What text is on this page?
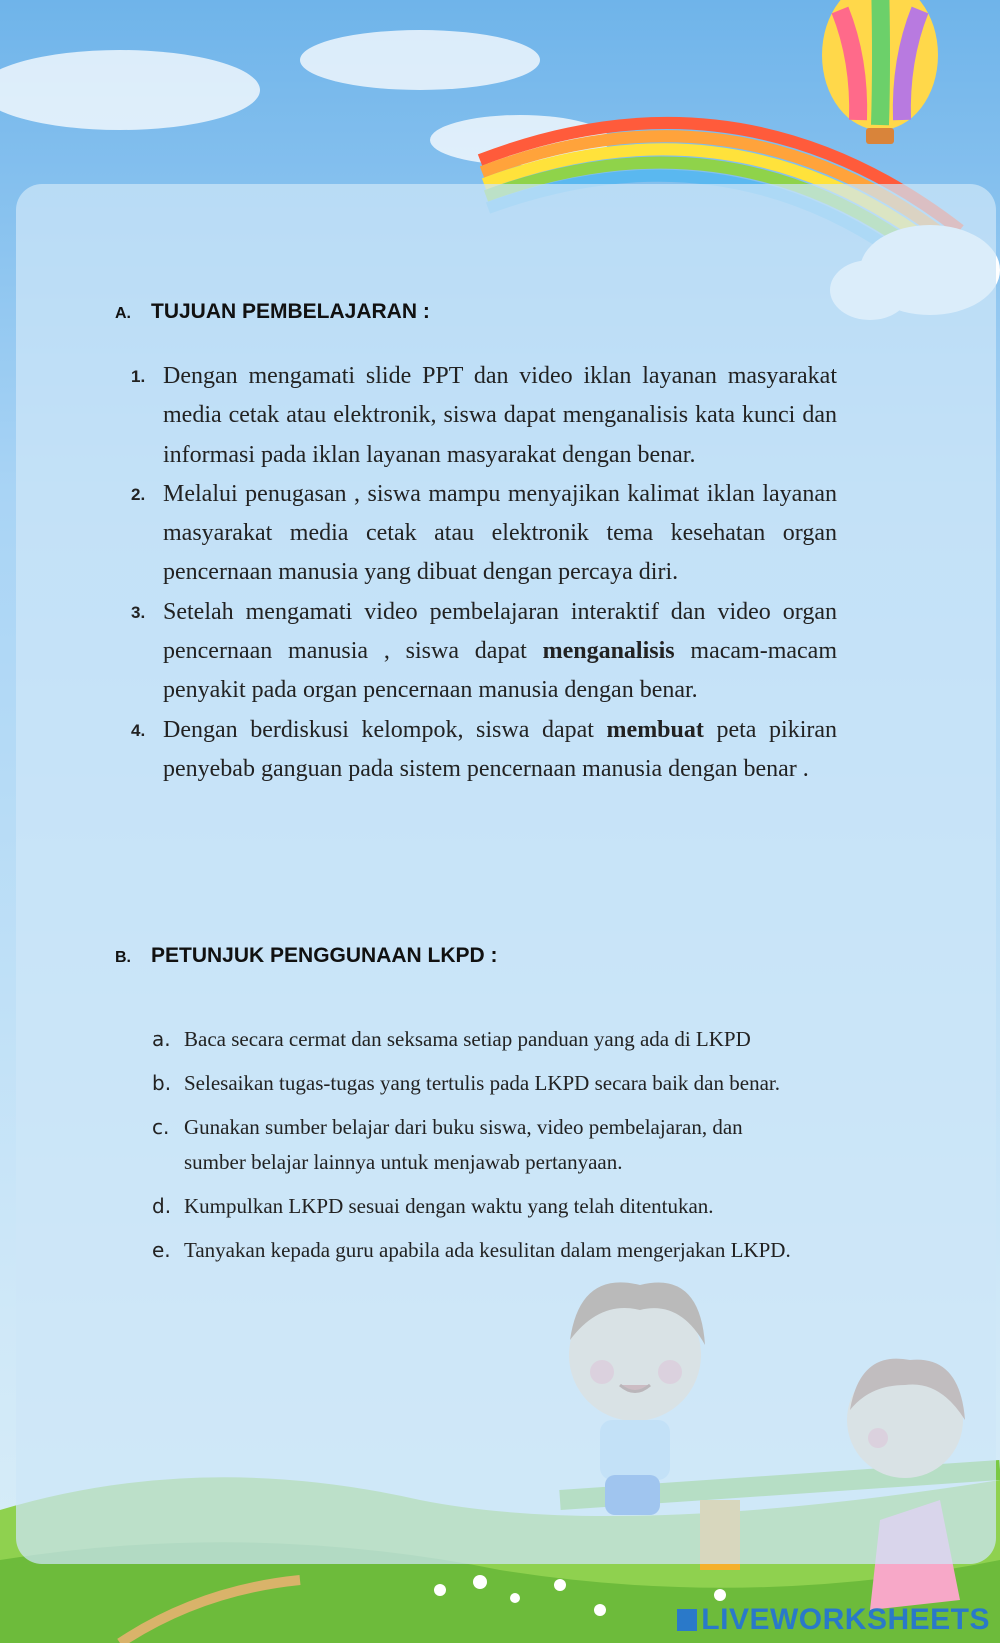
A. TUJUAN PEMBELAJARAN :
1. Dengan mengamati slide PPT dan video iklan layanan masyarakat media cetak atau elektronik, siswa dapat menganalisis kata kunci dan informasi pada iklan layanan masyarakat dengan benar.
2. Melalui penugasan , siswa mampu menyajikan kalimat iklan layanan masyarakat media cetak atau elektronik tema kesehatan organ pencernaan manusia yang dibuat dengan percaya diri.
3. Setelah mengamati video pembelajaran interaktif dan video organ pencernaan manusia , siswa dapat menganalisis macam-macam penyakit pada organ pencernaan manusia dengan benar.
4. Dengan berdiskusi kelompok, siswa dapat membuat peta pikiran penyebab ganguan pada sistem pencernaan manusia dengan benar .
B. PETUNJUK PENGGUNAAN LKPD :
a. Baca secara cermat dan seksama setiap panduan yang ada di LKPD
b. Selesaikan tugas-tugas yang tertulis pada LKPD secara baik dan benar.
c. Gunakan sumber belajar dari buku siswa, video pembelajaran, dan sumber belajar lainnya untuk menjawab pertanyaan.
d. Kumpulkan LKPD sesuai dengan waktu yang telah ditentukan.
e. Tanyakan kepada guru apabila ada kesulitan dalam mengerjakan LKPD.
LIVEWORKSHEETS
